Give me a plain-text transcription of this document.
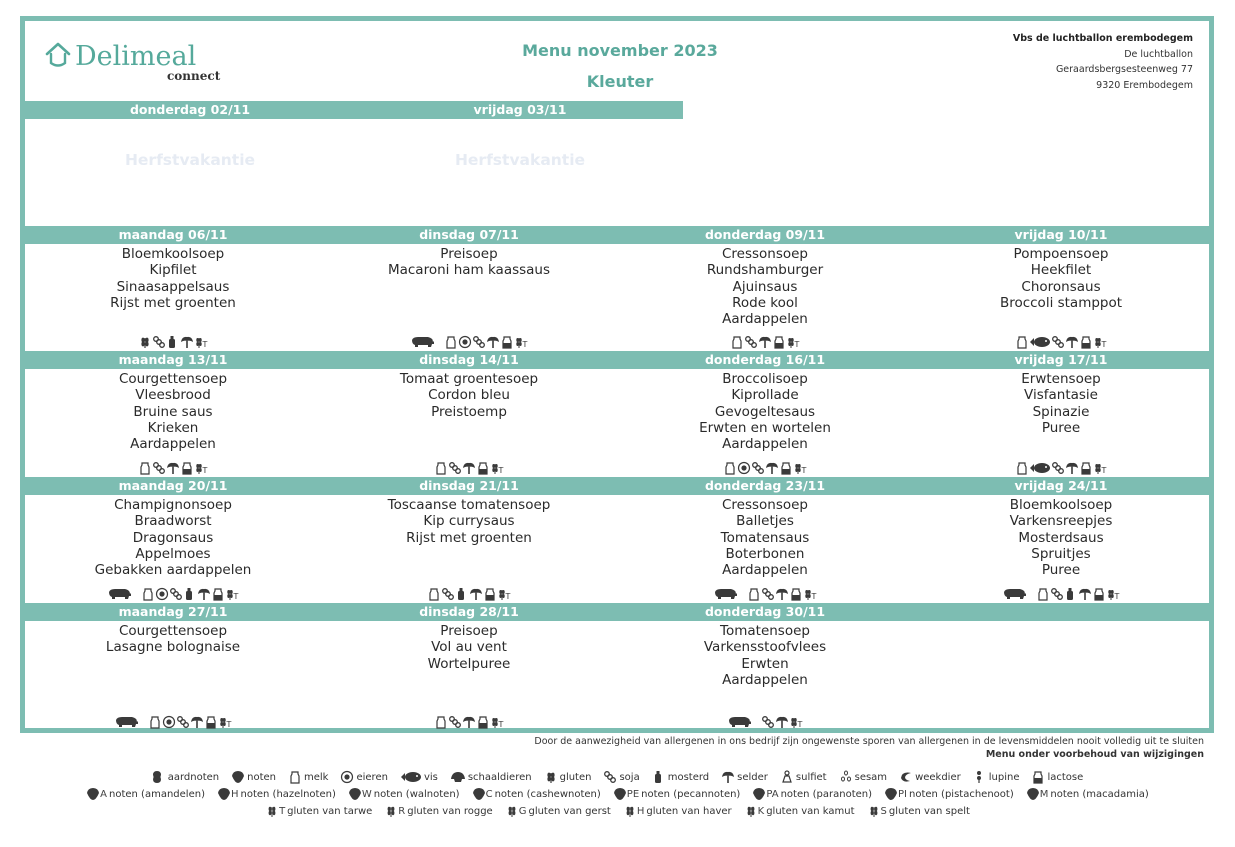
Delimeal
connect
Menu november 2023
Kleuter
Vbs de luchtballon erembodegem
De luchtballon
Geraardsbergsesteenweg 77
9320 Erembodegem
donderdag 02/11
Herfstvakantie
vrijdag 03/11
Herfstvakantie
maandag 06/11
Bloemkoolsoep
Kipfilet
Sinaasappelsaus
Rijst met groenten
T
dinsdag 07/11
Preisoep
Macaroni ham kaassaus
T
donderdag 09/11
Cressonsoep
Rundshamburger
Ajuinsaus
Rode kool
Aardappelen
T
vrijdag 10/11
Pompoensoep
Heekfilet
Choronsaus
Broccoli stamppot
T
maandag 13/11
Courgettensoep
Vleesbrood
Bruine saus
Krieken
Aardappelen
T
dinsdag 14/11
Tomaat groentesoep
Cordon bleu
Preistoemp
T
donderdag 16/11
Broccolisoep
Kiprollade
Gevogeltesaus
Erwten en wortelen
Aardappelen
T
vrijdag 17/11
Erwtensoep
Visfantasie
Spinazie
Puree
T
maandag 20/11
Champignonsoep
Braadworst
Dragonsaus
Appelmoes
Gebakken aardappelen
T
dinsdag 21/11
Toscaanse tomatensoep
Kip currysaus
Rijst met groenten
T
donderdag 23/11
Cressonsoep
Balletjes
Tomatensaus
Boterbonen
Aardappelen
T
vrijdag 24/11
Bloemkoolsoep
Varkensreepjes
Mosterdsaus
Spruitjes
Puree
T
maandag 27/11
Courgettensoep
Lasagne bolognaise
T
dinsdag 28/11
Preisoep
Vol au vent
Wortelpuree
T
donderdag 30/11
Tomatensoep
Varkensstoofvlees
Erwten
Aardappelen
T
Door de aanwezigheid van allergenen in ons bedrijf zijn ongewenste sporen van allergenen in de levensmiddelen nooit volledig uit te sluiten
Menu onder voorbehoud van wijzigingen
aardnoten	noten	melk	eieren	vis	schaaldieren	gluten	soja	mosterd	selder	sulfiet	sesam	weekdier	lupine	lactose
A noten (amandelen)	H noten (hazelnoten)	W noten (walnoten)	C noten (cashewnoten)	PE noten (pecannoten)	PA noten (paranoten)	PI noten (pistachenoot)	M noten (macadamia)
T gluten van tarwe	R gluten van rogge	G gluten van gerst	H gluten van haver	K gluten van kamut	S gluten van spelt
